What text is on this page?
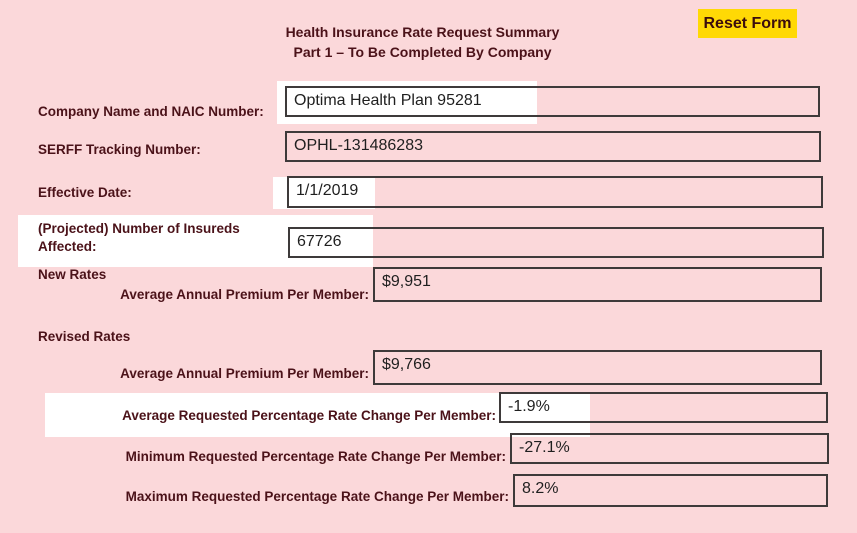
Health Insurance Rate Request Summary
Part 1 – To Be Completed By Company
Reset Form
Company Name and NAIC Number:
SERFF Tracking Number:
Effective Date:
(Projected) Number of Insureds Affected:
Optima Health Plan 95281
OPHL-131486283
1/1/2019
67726
New Rates
Average Annual Premium Per Member:
$9,951
Revised Rates
Average Annual Premium Per Member:
$9,766
Average Requested Percentage Rate Change Per Member:
-1.9%
Minimum Requested Percentage Rate Change Per Member:
-27.1%
Maximum Requested Percentage Rate Change Per Member: 8.2%
